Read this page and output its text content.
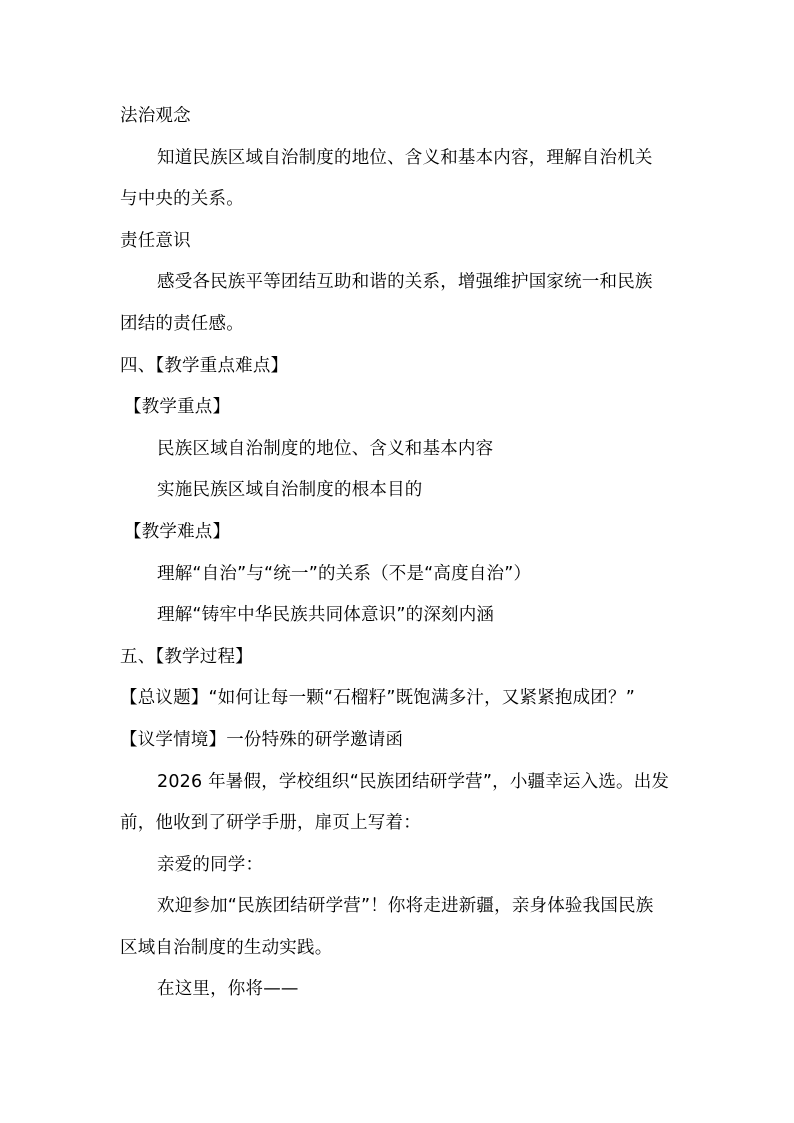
法治观念
知道民族区域自治制度的地位、含义和基本内容，理解自治机关
与中央的关系。
责任意识
感受各民族平等团结互助和谐的关系，增强维护国家统一和民族
团结的责任感。
四、【教学重点难点】
【教学重点】
民族区域自治制度的地位、含义和基本内容
实施民族区域自治制度的根本目的
【教学难点】
理解“自治”与“统一”的关系（不是“高度自治”）
理解“铸牢中华民族共同体意识”的深刻内涵
五、【教学过程】
【总议题】“如何让每一颗“石榴籽”既饱满多汁，又紧紧抱成团？”
【议学情境】一份特殊的研学邀请函
2026 年暑假，学校组织“民族团结研学营”，小疆幸运入选。出发
前，他收到了研学手册，扉页上写着：
亲爱的同学：
欢迎参加“民族团结研学营”！你将走进新疆，亲身体验我国民族
区域自治制度的生动实践。
在这里，你将——
